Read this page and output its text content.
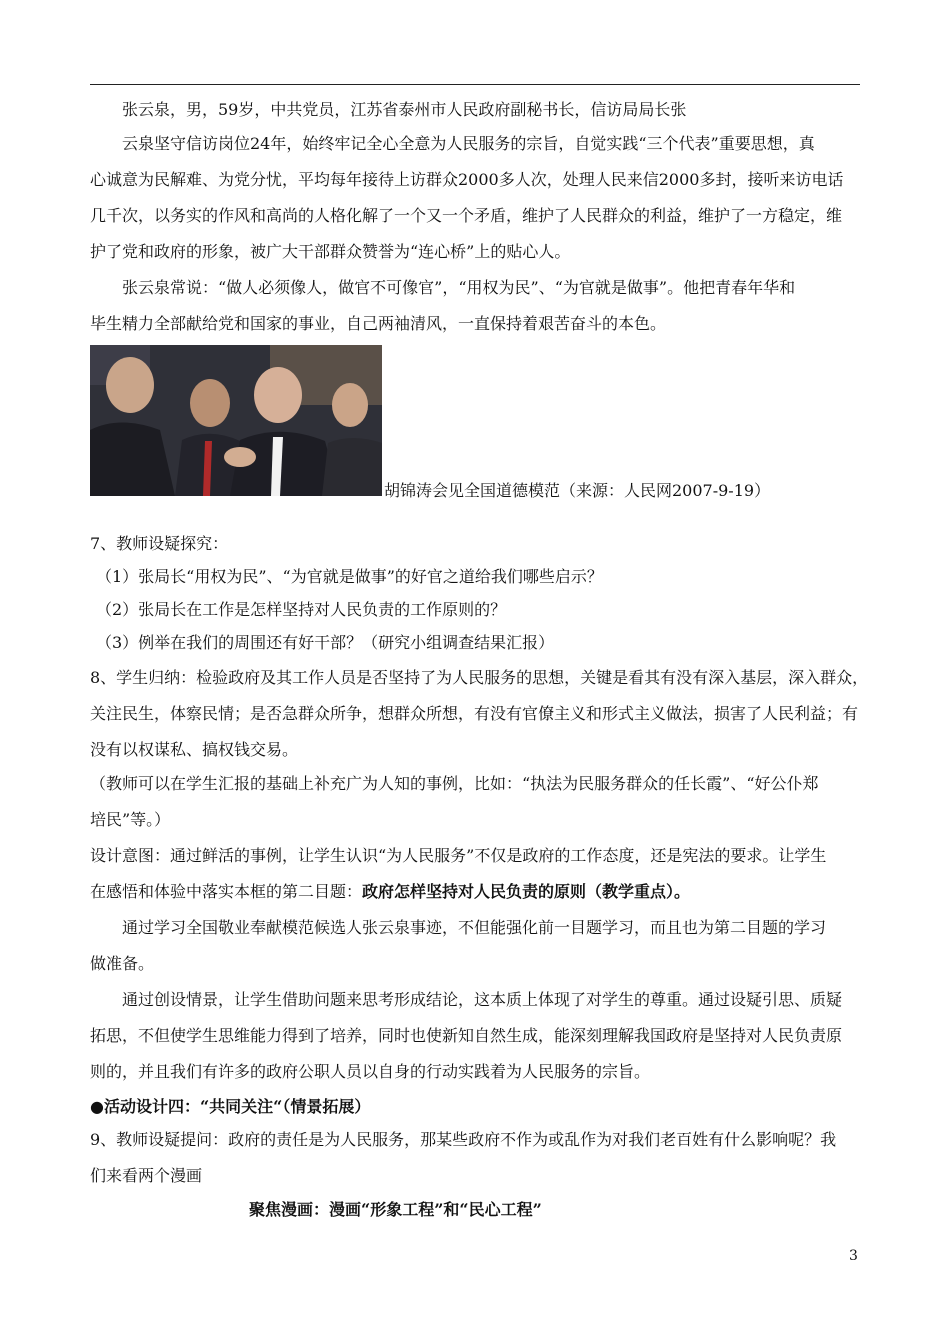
张云泉，男，59岁，中共党员，江苏省泰州市人民政府副秘书长，信访局局长张
云泉坚守信访岗位24年，始终牢记全心全意为人民服务的宗旨，自觉实践“三个代表”重要思想，真
心诚意为民解难、为党分忧，平均每年接待上访群众2000多人次，处理人民来信2000多封，接听来访电话
几千次，以务实的作风和高尚的人格化解了一个又一个矛盾，维护了人民群众的利益，维护了一方稳定，维
护了党和政府的形象，被广大干部群众赞誉为“连心桥”上的贴心人。
张云泉常说：“做人必须像人，做官不可像官”，“用权为民”、“为官就是做事”。他把青春年华和
毕生精力全部献给党和国家的事业，自己两袖清风，一直保持着艰苦奋斗的本色。
胡锦涛会见全国道德模范（来源：人民网2007-9-19）
7、教师设疑探究：
（1）张局长“用权为民”、“为官就是做事”的好官之道给我们哪些启示？
（2）张局长在工作是怎样坚持对人民负责的工作原则的？
（3）例举在我们的周围还有好干部？（研究小组调查结果汇报）
8、学生归纳：检验政府及其工作人员是否坚持了为人民服务的思想，关键是看其有没有深入基层，深入群众，
关注民生，体察民情；是否急群众所争，想群众所想，有没有官僚主义和形式主义做法，损害了人民利益；有
没有以权谋私、搞权钱交易。
（教师可以在学生汇报的基础上补充广为人知的事例，比如：“执法为民服务群众的任长霞”、“好公仆郑
培民”等。）
设计意图：通过鲜活的事例，让学生认识“为人民服务”不仅是政府的工作态度，还是宪法的要求。让学生
在感悟和体验中落实本框的第二目题：政府怎样坚持对人民负责的原则（教学重点）。
通过学习全国敬业奉献模范候选人张云泉事迹，不但能强化前一目题学习，而且也为第二目题的学习
做准备。
通过创设情景，让学生借助问题来思考形成结论，这本质上体现了对学生的尊重。通过设疑引思、质疑
拓思，不但使学生思维能力得到了培养，同时也使新知自然生成，能深刻理解我国政府是坚持对人民负责原
则的，并且我们有许多的政府公职人员以自身的行动实践着为人民服务的宗旨。
●活动设计四：“共同关注“（情景拓展）
9、教师设疑提问：政府的责任是为人民服务，那某些政府不作为或乱作为对我们老百姓有什么影响呢？我
们来看两个漫画
聚焦漫画：漫画“形象工程”和“民心工程”
3
